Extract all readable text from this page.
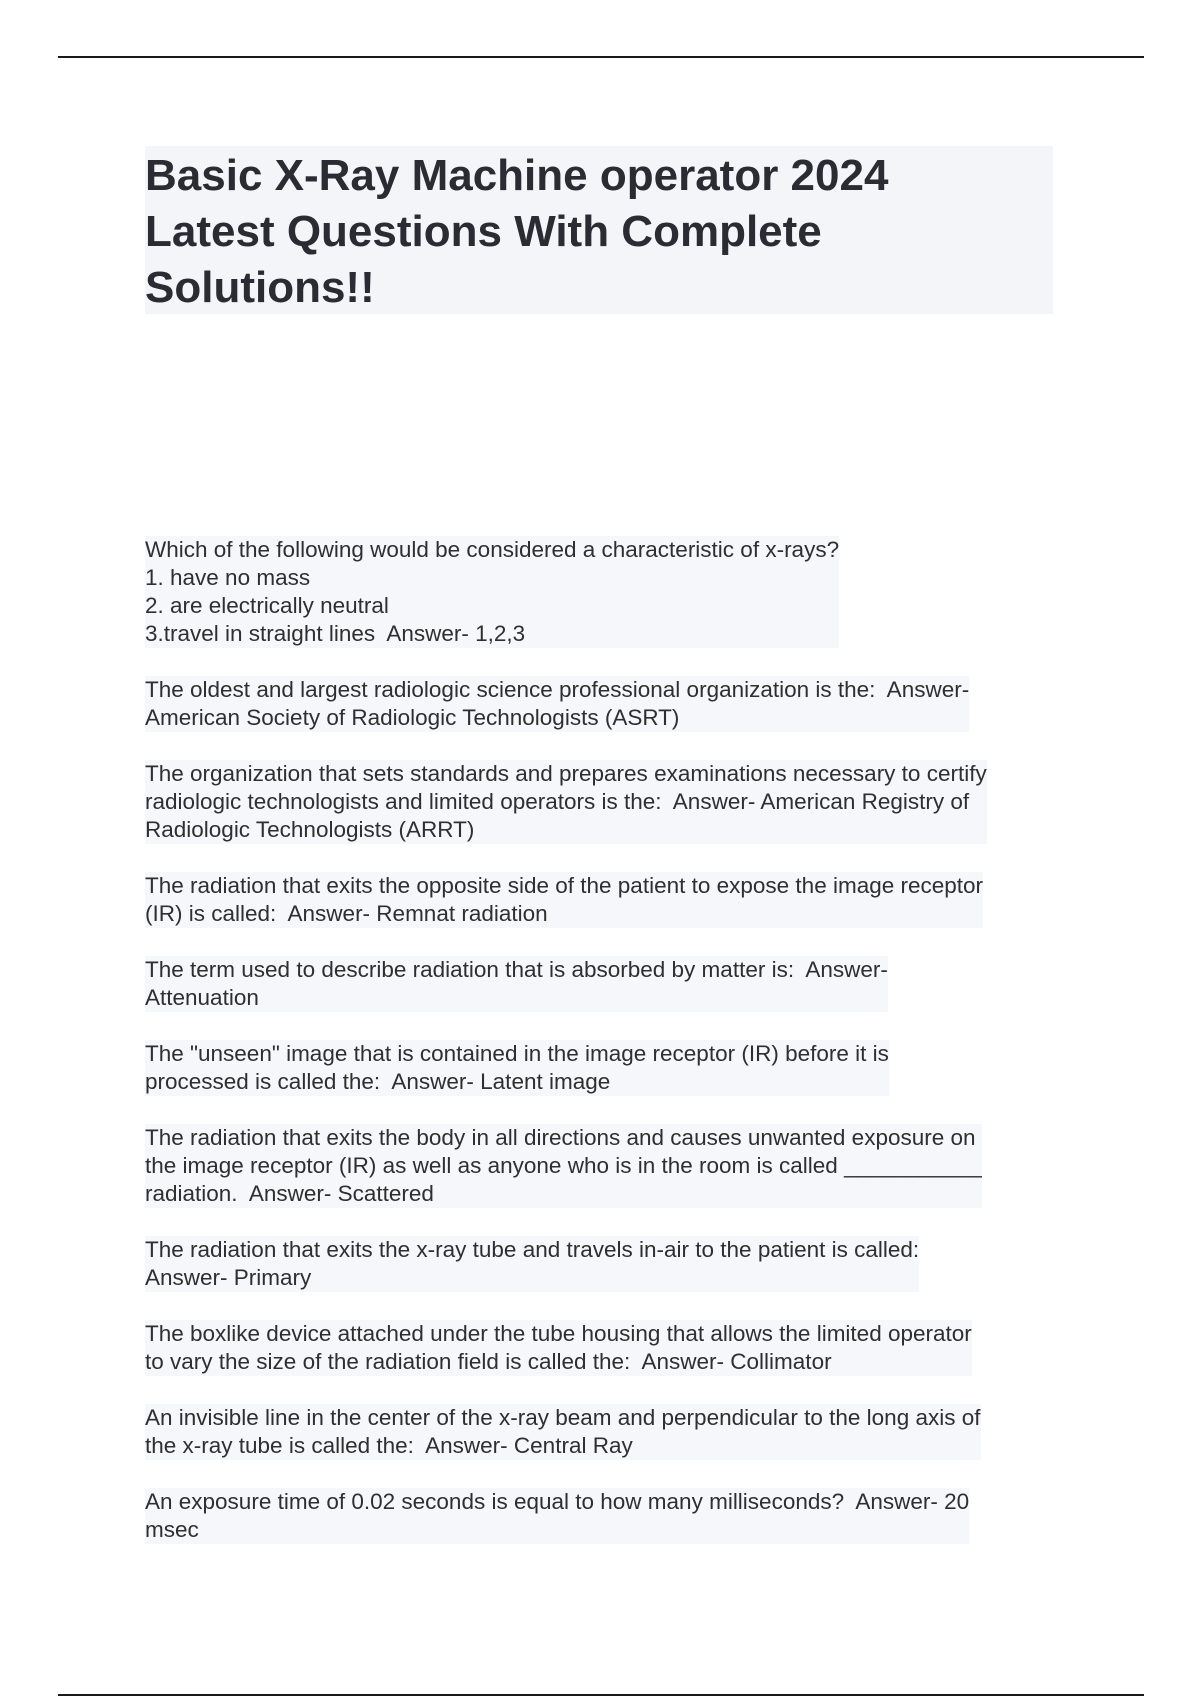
Basic X-Ray Machine operator 2024
Latest Questions With Complete
Solutions!!
Which of the following would be considered a characteristic of x-rays?
1. have no mass
2. are electrically neutral
3.travel in straight lines  Answer- 1,2,3
The oldest and largest radiologic science professional organization is the:  Answer-
American Society of Radiologic Technologists (ASRT)
The organization that sets standards and prepares examinations necessary to certify
radiologic technologists and limited operators is the:  Answer- American Registry of
Radiologic Technologists (ARRT)
The radiation that exits the opposite side of the patient to expose the image receptor
(IR) is called:  Answer- Remnat radiation
The term used to describe radiation that is absorbed by matter is:  Answer-
Attenuation
The "unseen" image that is contained in the image receptor (IR) before it is
processed is called the:  Answer- Latent image
The radiation that exits the body in all directions and causes unwanted exposure on
the image receptor (IR) as well as anyone who is in the room is called ___________
radiation.  Answer- Scattered
The radiation that exits the x-ray tube and travels in-air to the patient is called:
Answer- Primary
The boxlike device attached under the tube housing that allows the limited operator
to vary the size of the radiation field is called the:  Answer- Collimator
An invisible line in the center of the x-ray beam and perpendicular to the long axis of
the x-ray tube is called the:  Answer- Central Ray
An exposure time of 0.02 seconds is equal to how many milliseconds?  Answer- 20
msec
